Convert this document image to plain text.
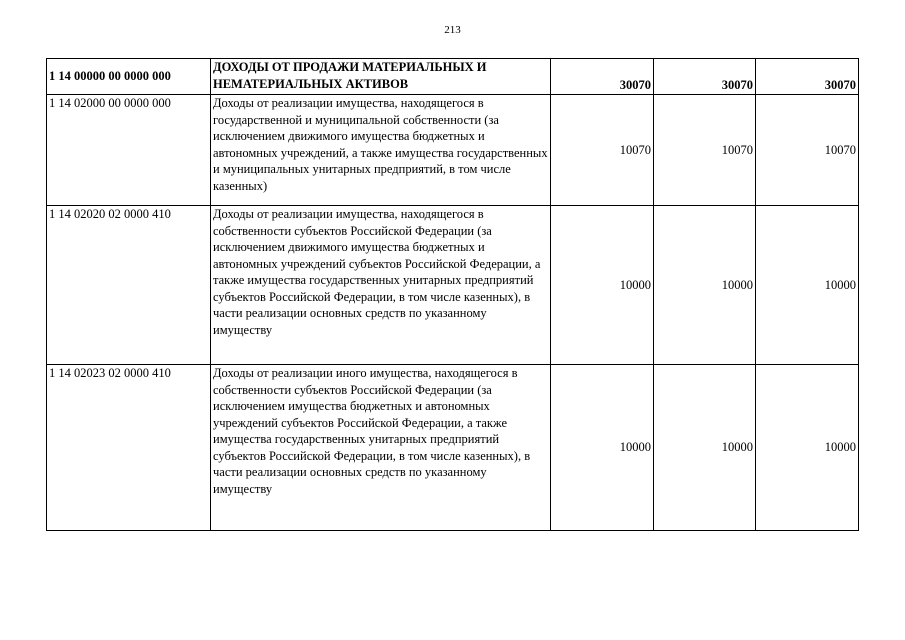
213
1 14 00000 00 0000 000	ДОХОДЫ ОТ ПРОДАЖИ МАТЕРИАЛЬНЫХ И НЕМАТЕРИАЛЬНЫХ АКТИВОВ	30070	30070	30070
1 14 02000 00 0000 000	Доходы от реализации имущества, находящегося в государственной и муниципальной собственности (за исключением движимого имущества бюджетных и автономных учреждений, а также имущества государственных и муниципальных унитарных предприятий, в том числе казенных)	10070	10070	10070
1 14 02020 02 0000 410	Доходы от реализации имущества, находящегося в собственности субъектов Российской Федерации (за исключением движимого имущества бюджетных и автономных учреждений субъектов Российской Федерации, а также имущества государственных унитарных предприятий субъектов Российской Федерации, в том числе казенных), в части реализации основных средств по указанному имуществу	10000	10000	10000
1 14 02023 02 0000 410	Доходы от реализации иного имущества, находящегося в собственности субъектов Российской Федерации (за исключением имущества бюджетных и автономных учреждений субъектов Российской Федерации, а также имущества государственных унитарных предприятий субъектов Российской Федерации, в том числе казенных), в части реализации основных средств по указанному имуществу	10000	10000	10000
